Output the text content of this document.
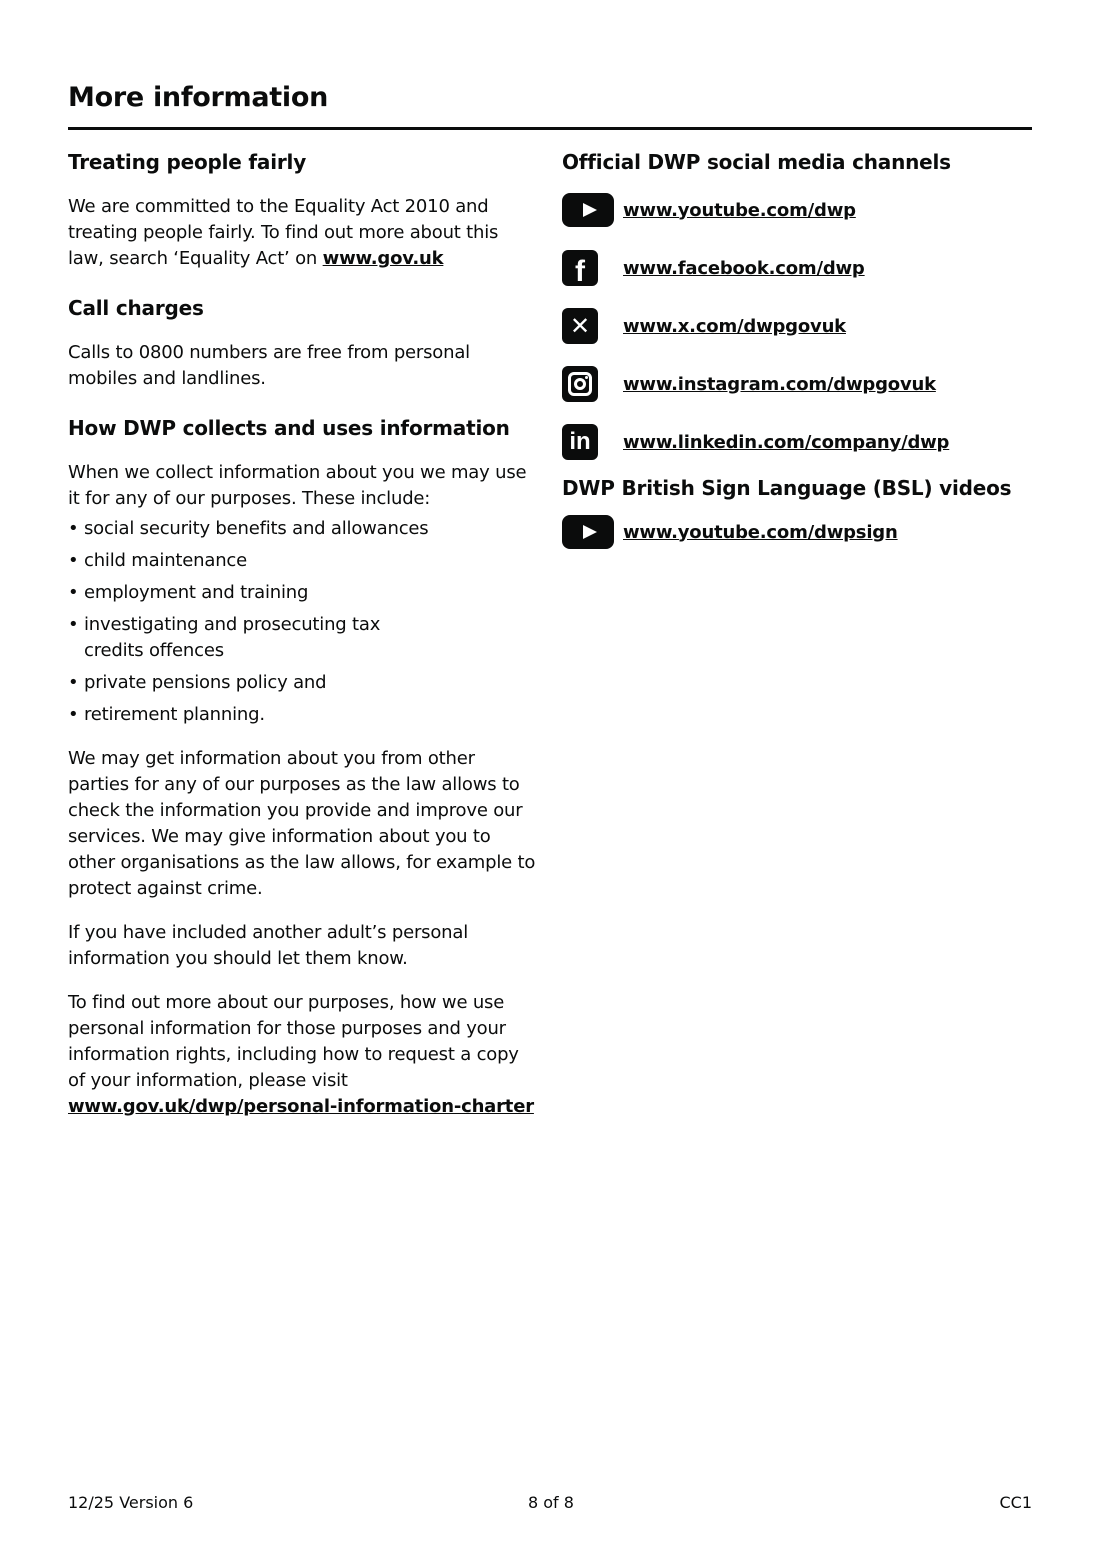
More information
Treating people fairly

We are committed to the Equality Act 2010 and treating people fairly. To find out more about this law, search ‘Equality Act’ on www.gov.uk

Call charges

Calls to 0800 numbers are free from personal mobiles and landlines.

How DWP collects and uses information

When we collect information about you we may use it for any of our purposes. These include:

• social security benefits and allowances
• child maintenance
• employment and training
• investigating and prosecuting tax credits offences
• private pensions policy and
• retirement planning.

We may get information about you from other parties for any of our purposes as the law allows to check the information you provide and improve our services. We may give information about you to other organisations as the law allows, for example to protect against crime.

If you have included another adult’s personal information you should let them know.

To find out more about our purposes, how we use personal information for those purposes and your information rights, including how to request a copy of your information, please visit
www.gov.uk/dwp/personal-information-charter

Official DWP social media channels
www.youtube.com/dwp
f www.facebook.com/dwp
✕ www.x.com/dwpgovuk
www.instagram.com/dwpgovuk
in www.linkedin.com/company/dwp
DWP British Sign Language (BSL) videos
www.youtube.com/dwpsign
12/25 Version 6	8 of 8	CC1
